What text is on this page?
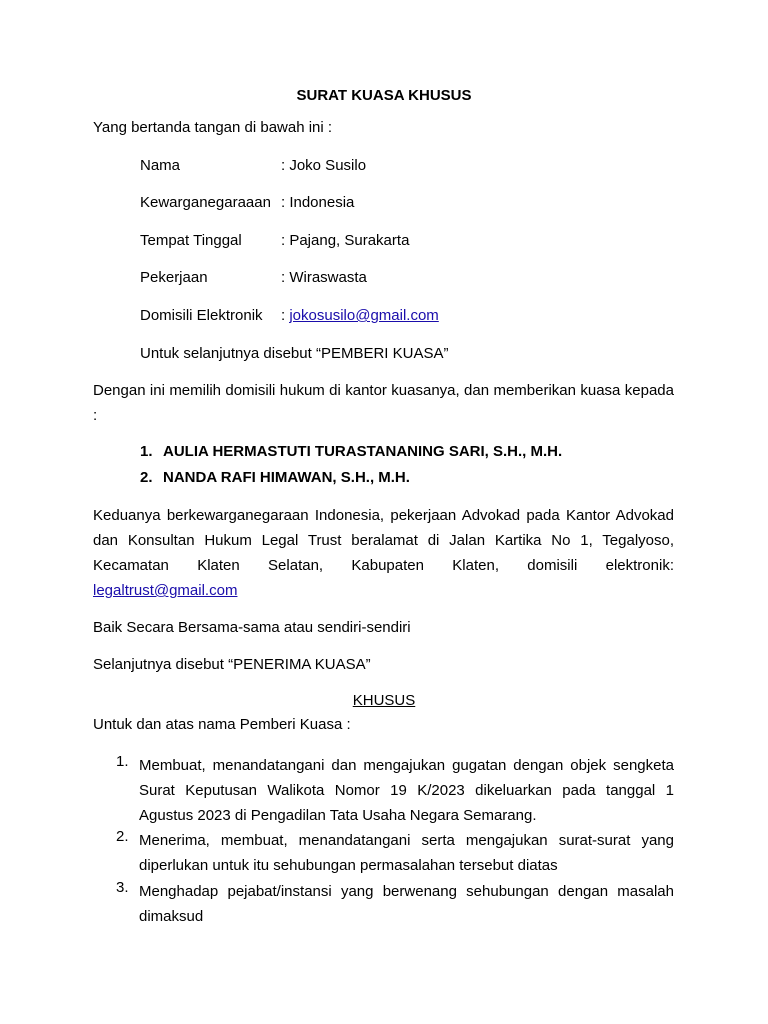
SURAT KUASA KHUSUS
Yang bertanda tangan di bawah ini :
Nama	: Joko Susilo
Kewarganegaraaan : Indonesia
Tempat Tinggal	: Pajang, Surakarta
Pekerjaan	: Wiraswasta
Domisili Elektronik : jokosusilo@gmail.com
Untuk selanjutnya disebut “PEMBERI KUASA”
Dengan ini memilih domisili hukum di kantor kuasanya, dan memberikan kuasa kepada :
1. AULIA HERMASTUTI TURASTANANING SARI, S.H., M.H.
2. NANDA RAFI HIMAWAN, S.H., M.H.
Keduanya berkewarganegaraan Indonesia, pekerjaan Advokad pada Kantor Advokad dan Konsultan Hukum Legal Trust beralamat di Jalan Kartika No 1, Tegalyoso, Kecamatan Klaten Selatan, Kabupaten Klaten, domisili elektronik: legaltrust@gmail.com
Baik Secara Bersama-sama atau sendiri-sendiri
Selanjutnya disebut “PENERIMA KUASA”
KHUSUS
Untuk dan atas nama Pemberi Kuasa :
1. Membuat, menandatangani dan mengajukan gugatan dengan objek sengketa Surat Keputusan Walikota Nomor 19 K/2023 dikeluarkan pada tanggal 1 Agustus 2023 di Pengadilan Tata Usaha Negara Semarang.
2. Menerima, membuat, menandatangani serta mengajukan surat-surat yang diperlukan untuk itu sehubungan permasalahan tersebut diatas
3. Menghadap pejabat/instansi yang berwenang sehubungan dengan masalah dimaksud
